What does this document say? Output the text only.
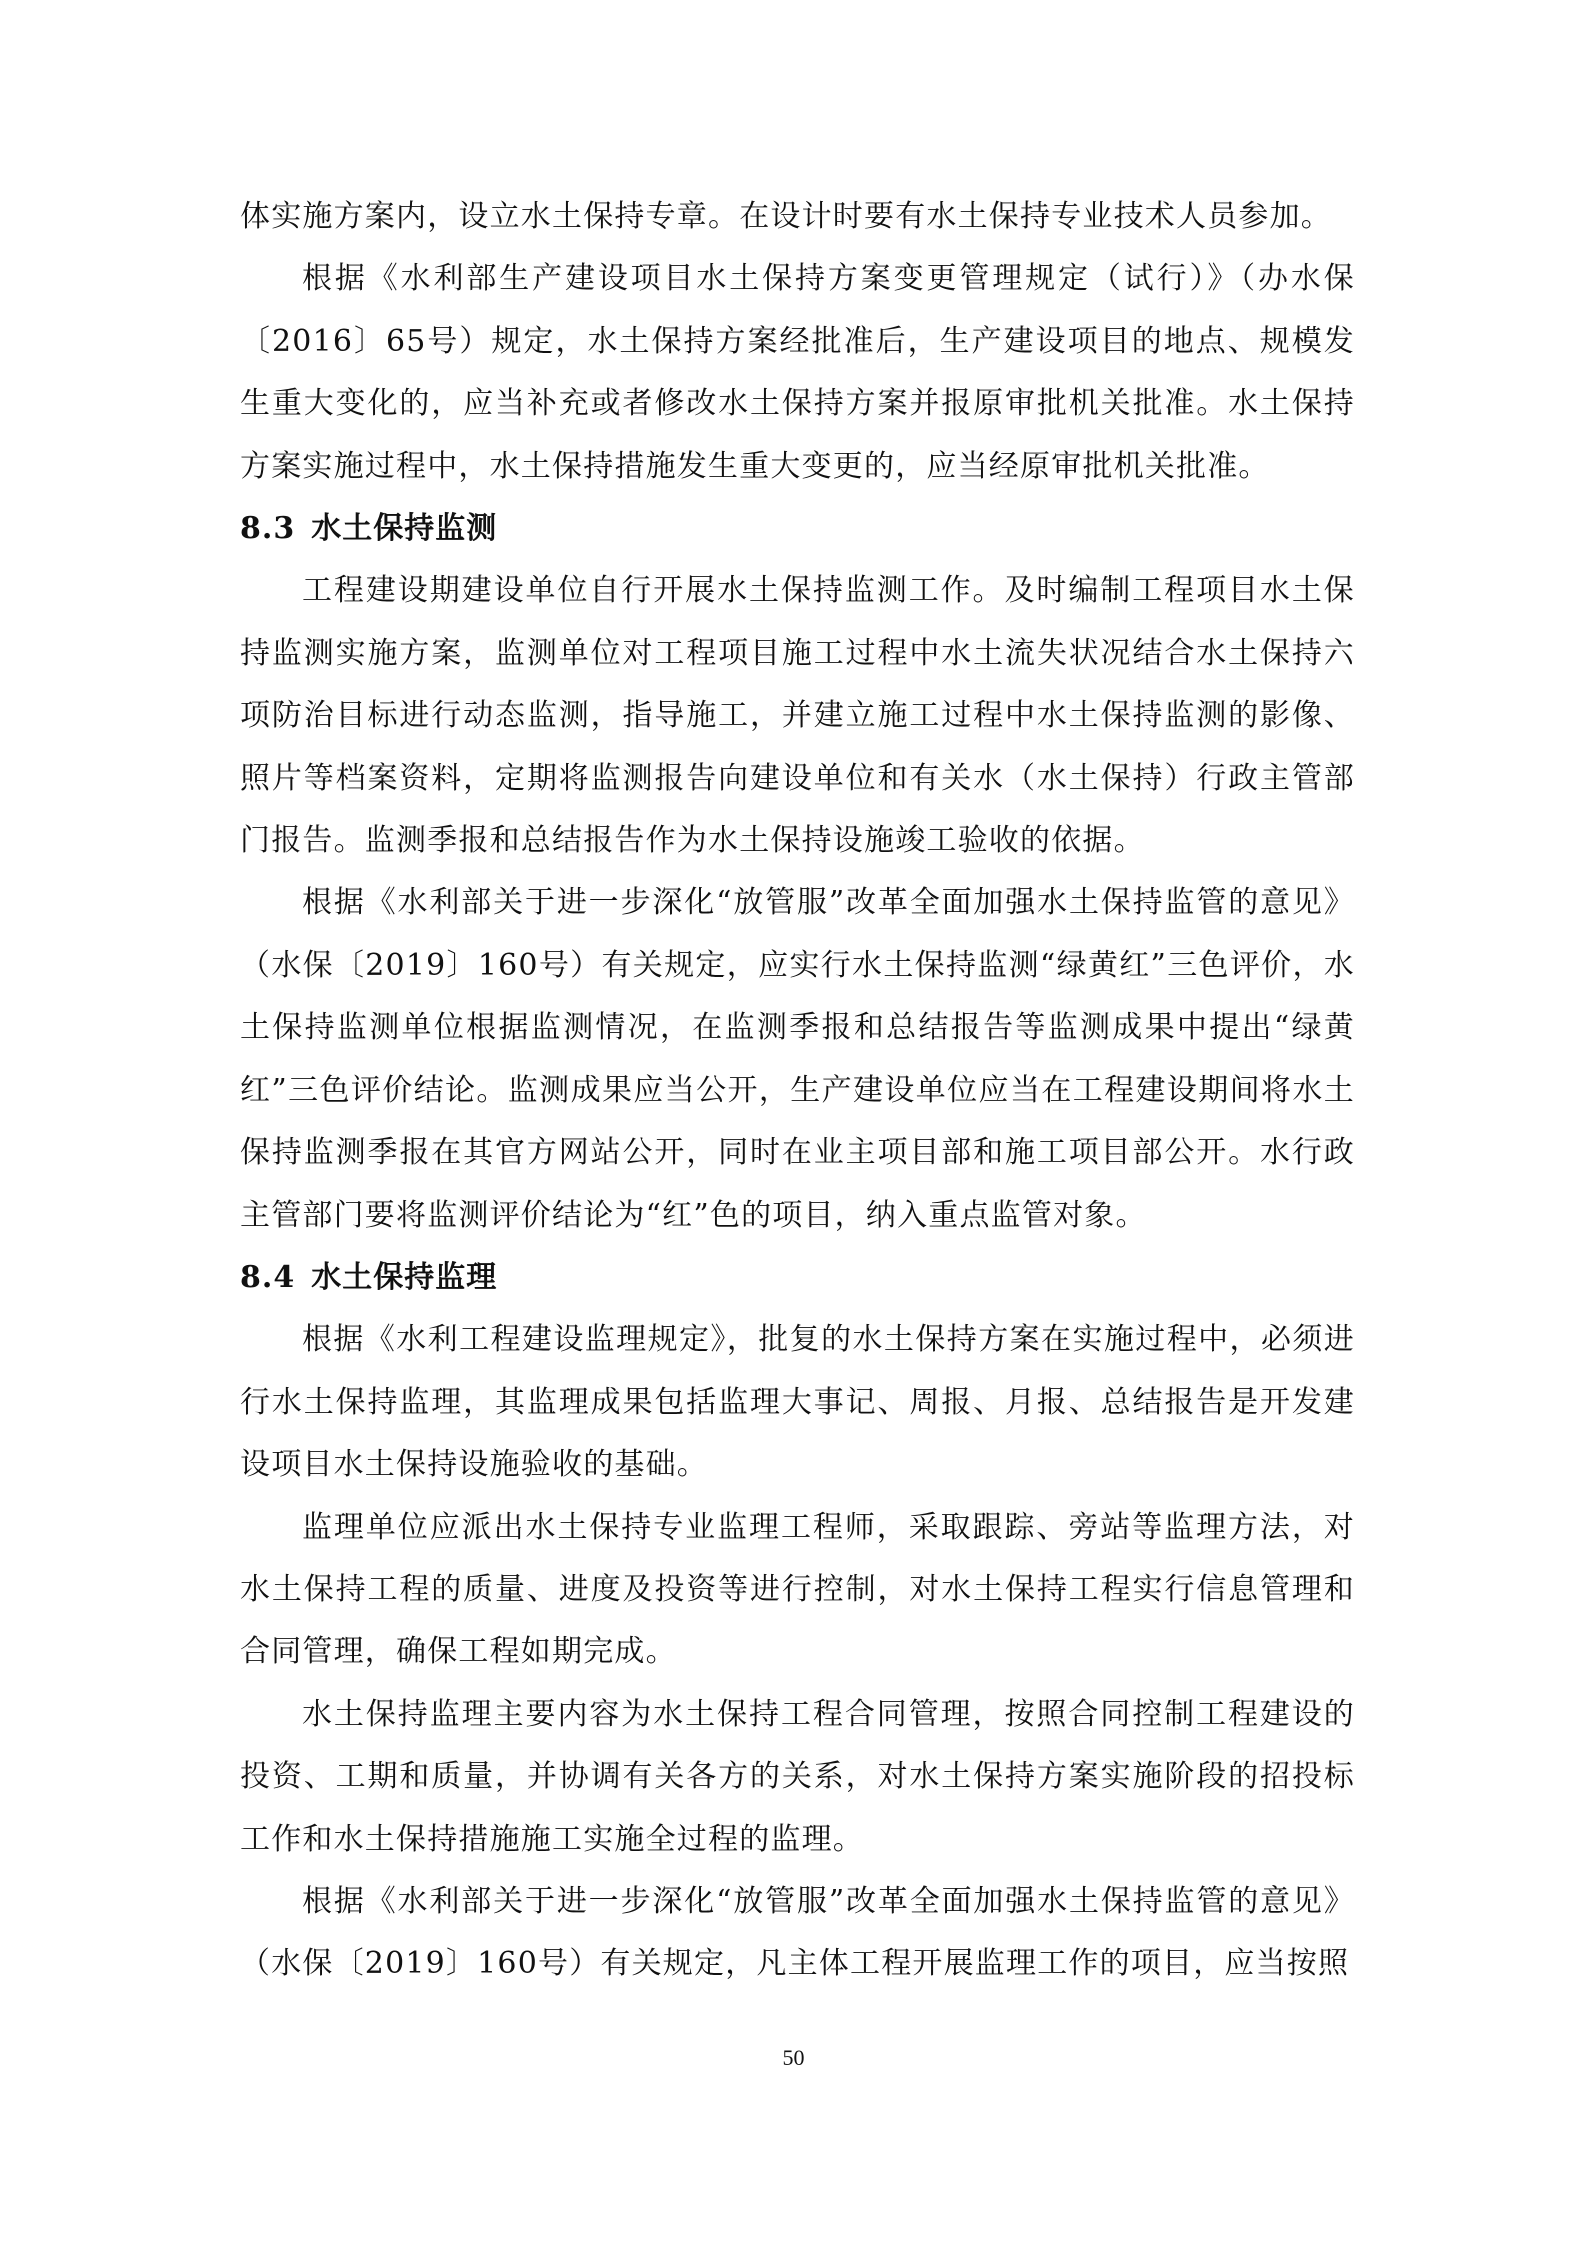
体实施方案内，设立水土保持专章。在设计时要有水土保持专业技术人员参加。

根据《水利部生产建设项目水土保持方案变更管理规定（试行）》（办水保〔2016〕65号）规定，水土保持方案经批准后，生产建设项目的地点、规模发生重大变化的，应当补充或者修改水土保持方案并报原审批机关批准。水土保持方案实施过程中，水土保持措施发生重大变更的，应当经原审批机关批准。

8.3 水土保持监测

工程建设期建设单位自行开展水土保持监测工作。及时编制工程项目水土保持监测实施方案，监测单位对工程项目施工过程中水土流失状况结合水土保持六项防治目标进行动态监测，指导施工，并建立施工过程中水土保持监测的影像、照片等档案资料，定期将监测报告向建设单位和有关水（水土保持）行政主管部门报告。监测季报和总结报告作为水土保持设施竣工验收的依据。

根据《水利部关于进一步深化“放管服”改革全面加强水土保持监管的意见》（水保〔2019〕160号）有关规定，应实行水土保持监测“绿黄红”三色评价，水土保持监测单位根据监测情况，在监测季报和总结报告等监测成果中提出“绿黄红”三色评价结论。监测成果应当公开，生产建设单位应当在工程建设期间将水土保持监测季报在其官方网站公开，同时在业主项目部和施工项目部公开。水行政主管部门要将监测评价结论为“红”色的项目，纳入重点监管对象。

8.4 水土保持监理

根据《水利工程建设监理规定》，批复的水土保持方案在实施过程中，必须进行水土保持监理，其监理成果包括监理大事记、周报、月报、总结报告是开发建设项目水土保持设施验收的基础。

监理单位应派出水土保持专业监理工程师，采取跟踪、旁站等监理方法，对水土保持工程的质量、进度及投资等进行控制，对水土保持工程实行信息管理和合同管理，确保工程如期完成。

水土保持监理主要内容为水土保持工程合同管理，按照合同控制工程建设的投资、工期和质量，并协调有关各方的关系，对水土保持方案实施阶段的招投标工作和水土保持措施施工实施全过程的监理。

根据《水利部关于进一步深化“放管服”改革全面加强水土保持监管的意见》（水保〔2019〕160号）有关规定，凡主体工程开展监理工作的项目，应当按照

50
